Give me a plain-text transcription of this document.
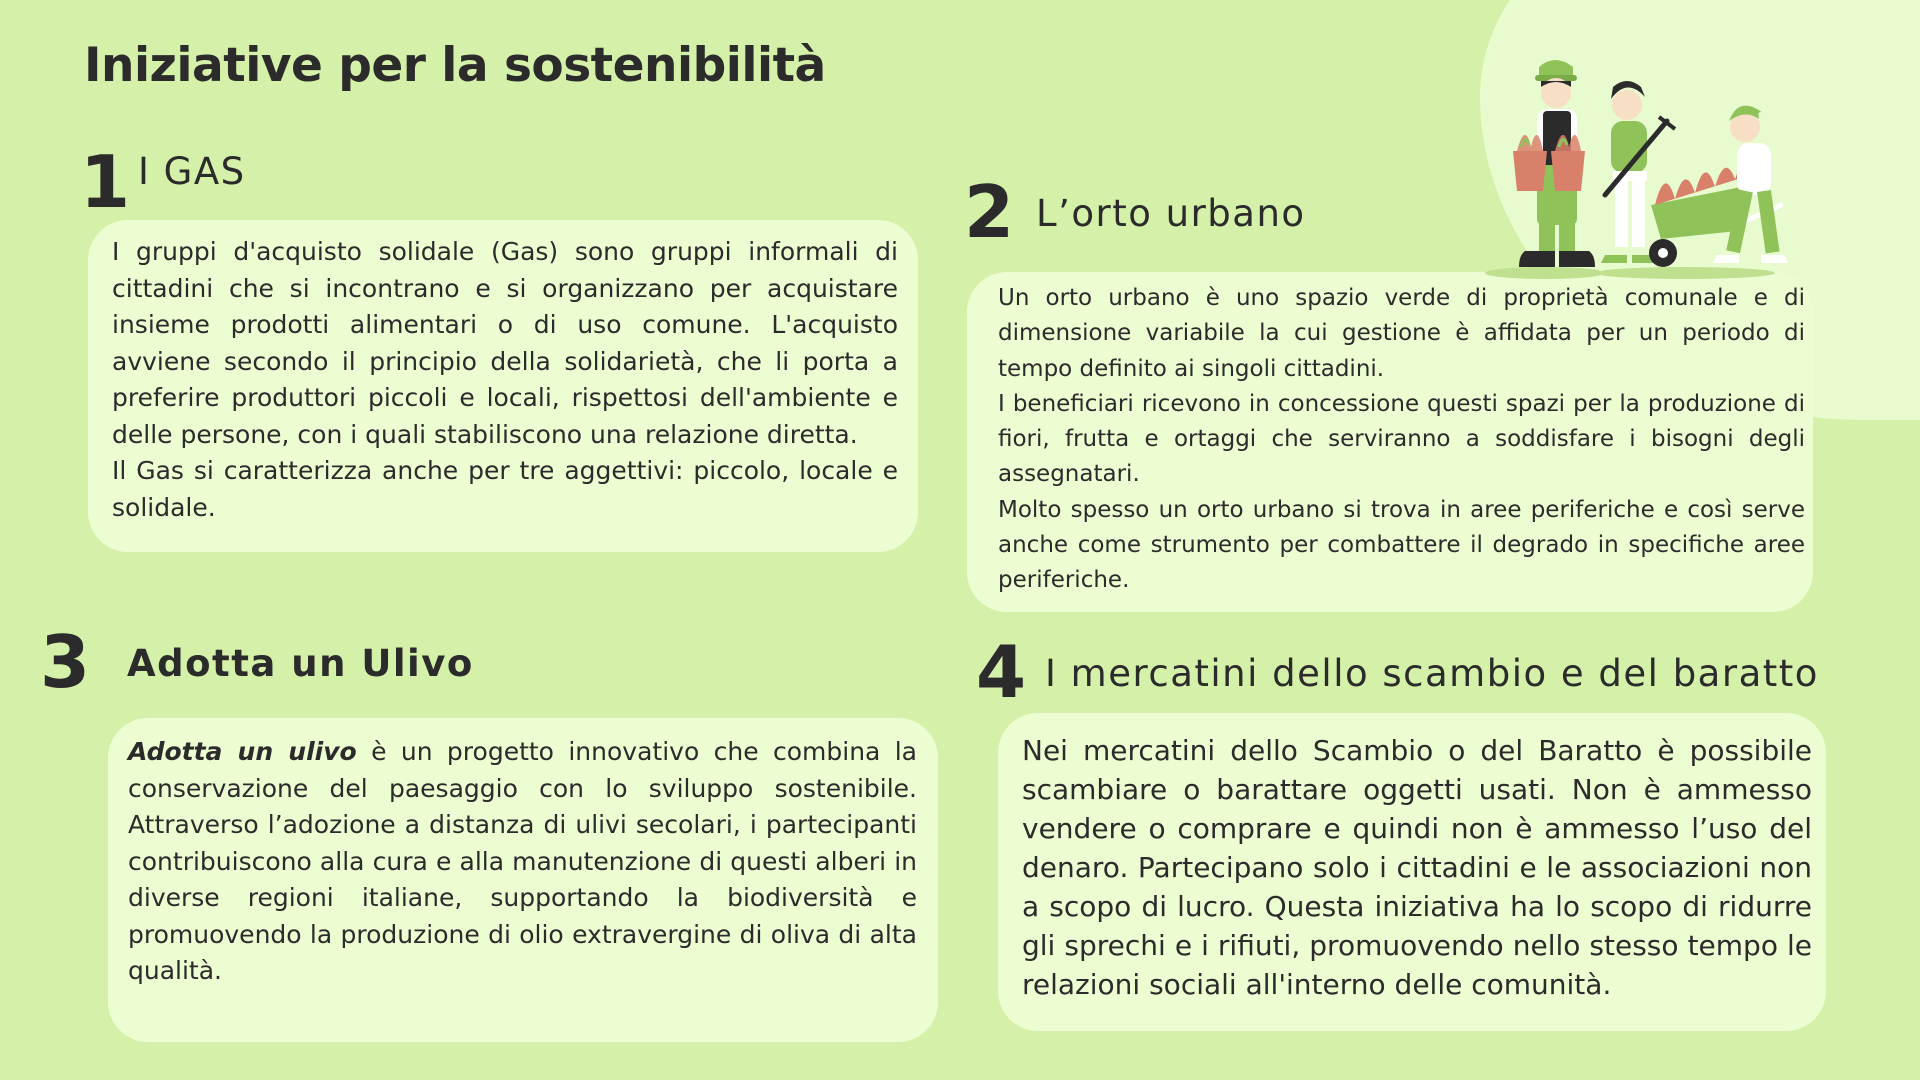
Iniziative per la sostenibilità
1 I GAS

I gruppi d'acquisto solidale (Gas) sono gruppi informali di cittadini che si incontrano e si organizzano per acquistare insieme prodotti alimentari o di uso comune. L'acquisto avviene secondo il principio della solidarietà, che li porta a preferire produttori piccoli e locali, rispettosi dell'ambiente e delle persone, con i quali stabiliscono una relazione diretta.

Il Gas si caratterizza anche per tre aggettivi: piccolo, locale e solidale.

2 L’orto urbano

Un orto urbano è uno spazio verde di proprietà comunale e di dimensione variabile la cui gestione è affidata per un periodo di tempo definito ai singoli cittadini.

I beneficiari ricevono in concessione questi spazi per la produzione di fiori, frutta e ortaggi che serviranno a soddisfare i bisogni degli assegnatari.

Molto spesso un orto urbano si trova in aree periferiche e così serve anche come strumento per combattere il degrado in specifiche aree periferiche.

3 Adotta un Ulivo

Adotta un ulivo è un progetto innovativo che combina la conservazione del paesaggio con lo sviluppo sostenibile. Attraverso l’adozione a distanza di ulivi secolari, i partecipanti contribuiscono alla cura e alla manutenzione di questi alberi in diverse regioni italiane, supportando la biodiversità e promuovendo la produzione di olio extravergine di oliva di alta qualità.

4 I mercatini dello scambio e del baratto

Nei mercatini dello Scambio o del Baratto è possibile scambiare o barattare oggetti usati. Non è ammesso vendere o comprare e quindi non è ammesso l’uso del denaro. Partecipano solo i cittadini e le associazioni non a scopo di lucro. Questa iniziativa ha lo scopo di ridurre gli sprechi e i rifiuti, promuovendo nello stesso tempo le relazioni sociali all'interno delle comunità.
